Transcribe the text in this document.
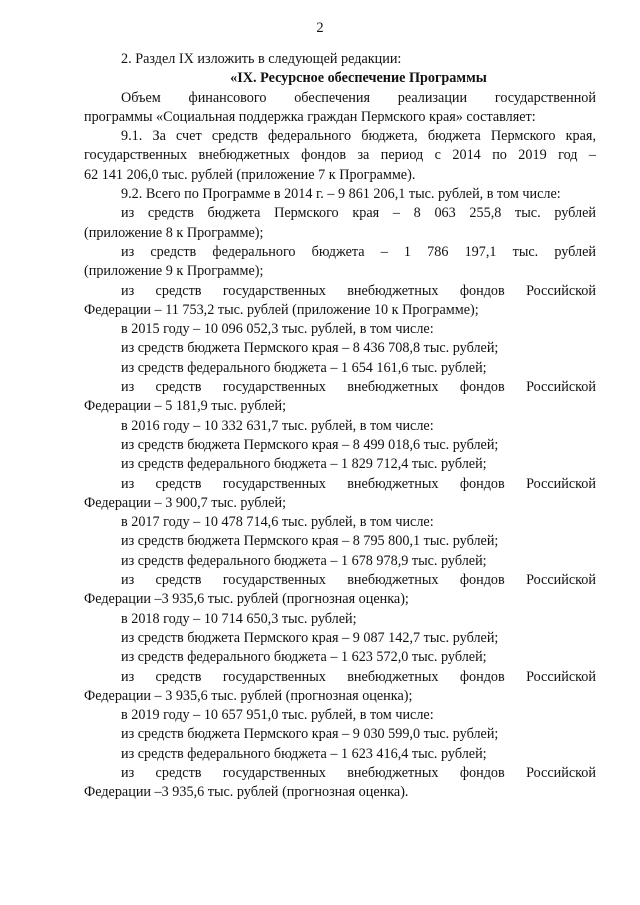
2
2. Раздел IX изложить в следующей редакции:
«IX. Ресурсное обеспечение Программы
Объем финансового обеспечения реализации государственной
программы «Социальная поддержка граждан Пермского края» составляет:
9.1. За счет средств федерального бюджета, бюджета Пермского края,
государственных внебюджетных фондов за период с 2014 по 2019 год –
62 141 206,0 тыс. рублей (приложение 7 к Программе).
9.2. Всего по Программе в 2014 г. – 9 861 206,1 тыс. рублей, в том числе:
из средств бюджета Пермского края – 8 063 255,8 тыс. рублей
(приложение 8 к Программе);
из средств федерального бюджета – 1 786 197,1 тыс. рублей
(приложение 9 к Программе);
из средств государственных внебюджетных фондов Российской
Федерации – 11 753,2 тыс. рублей (приложение 10 к Программе);
в 2015 году – 10 096 052,3 тыс. рублей, в том числе:
из средств бюджета Пермского края – 8 436 708,8 тыс. рублей;
из средств федерального бюджета – 1 654 161,6 тыс. рублей;
из средств государственных внебюджетных фондов Российской
Федерации – 5 181,9 тыс. рублей;
в 2016 году – 10 332 631,7 тыс. рублей, в том числе:
из средств бюджета Пермского края – 8 499 018,6 тыс. рублей;
из средств федерального бюджета – 1 829 712,4 тыс. рублей;
из средств государственных внебюджетных фондов Российской
Федерации – 3 900,7 тыс. рублей;
в 2017 году – 10 478 714,6 тыс. рублей, в том числе:
из средств бюджета Пермского края – 8 795 800,1 тыс. рублей;
из средств федерального бюджета – 1 678 978,9 тыс. рублей;
из средств государственных внебюджетных фондов Российской
Федерации –3 935,6 тыс. рублей (прогнозная оценка);
в 2018 году – 10 714 650,3 тыс. рублей;
из средств бюджета Пермского края – 9 087 142,7 тыс. рублей;
из средств федерального бюджета – 1 623 572,0 тыс. рублей;
из средств государственных внебюджетных фондов Российской
Федерации – 3 935,6 тыс. рублей (прогнозная оценка);
в 2019 году – 10 657 951,0 тыс. рублей, в том числе:
из средств бюджета Пермского края – 9 030 599,0 тыс. рублей;
из средств федерального бюджета – 1 623 416,4 тыс. рублей;
из средств государственных внебюджетных фондов Российской
Федерации –3 935,6 тыс. рублей (прогнозная оценка).
